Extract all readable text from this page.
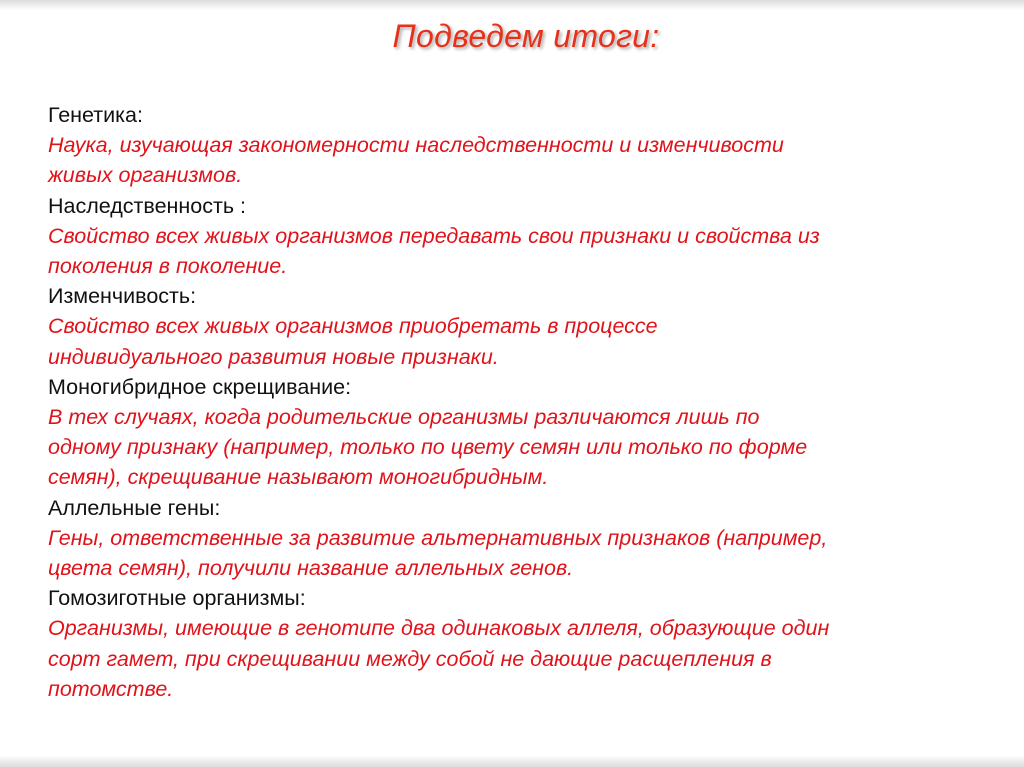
Подведем итоги:
Генетика:
Наука, изучающая закономерности наследственности и изменчивости
живых организмов.
Наследственность :
Свойство всех живых организмов передавать свои признаки и свойства из
поколения в поколение.
Изменчивость:
Свойство всех живых организмов приобретать в процессе
индивидуального развития новые признаки.
Моногибридное скрещивание:
В тех случаях, когда родительские организмы различаются лишь по
одному признаку (например, только по цвету семян или только по форме
семян), скрещивание называют моногибридным.
Аллельные гены:
Гены, ответственные за развитие альтернативных признаков (например,
цвета семян), получили название аллельных генов.
Гомозиготные организмы:
Организмы, имеющие в генотипе два одинаковых аллеля, образующие один
сорт гамет, при скрещивании между собой не дающие расщепления в
потомстве.
